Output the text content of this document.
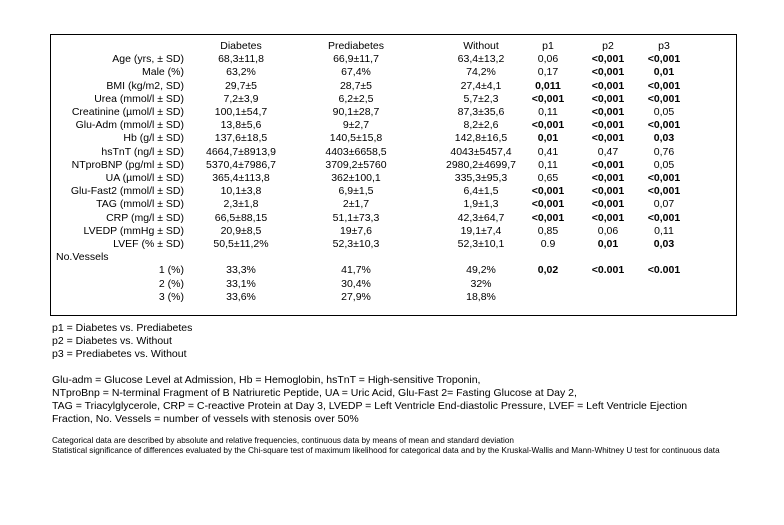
Diabetes	Prediabetes	Without	p1	p2	p3
Age (yrs, ± SD)	68,3±11,8	66,9±11,7	63,4±13,2	0,06	<0,001	<0,001
Male (%)	63,2%	67,4%	74,2%	0,17	<0,001	0,01
BMI (kg/m2, SD)	29,7±5	28,7±5	27,4±4,1	0,011	<0,001	<0,001
Urea (mmol/l ± SD)	7,2±3,9	6,2±2,5	5,7±2,3	<0,001	<0,001	<0,001
Creatinine (µmol/l ± SD)	100,1±54,7	90,1±28,7	87,3±35,6	0,11	<0,001	0,05
Glu-Adm (mmol/l ± SD)	13,8±5,6	9±2,7	8,2±2,6	<0,001	<0,001	<0,001
Hb (g/l ± SD)	137,6±18,5	140,5±15,8	142,8±16,5	0,01	<0,001	0,03
hsTnT (ng/l ± SD)	4664,7±8913,9	4403±6658,5	4043±5457,4	0,41	0,47	0,76
NTproBNP (pg/ml ± SD)	5370,4±7986,7	3709,2±5760	2980,2±4699,7	0,11	<0,001	0,05
UA (µmol/l ± SD)	365,4±113,8	362±100,1	335,3±95,3	0,65	<0,001	<0,001
Glu-Fast2 (mmol/l ± SD)	10,1±3,8	6,9±1,5	6,4±1,5	<0,001	<0,001	<0,001
TAG (mmol/l ± SD)	2,3±1,8	2±1,7	1,9±1,3	<0,001	<0,001	0,07
CRP (mg/l ± SD)	66,5±88,15	51,1±73,3	42,3±64,7	<0,001	<0,001	<0,001
LVEDP (mmHg ± SD)	20,9±8,5	19±7,6	19,1±7,4	0,85	0,06	0,11
LVEF (% ± SD)	50,5±11,2%	52,3±10,3	52,3±10,1	0.9	0,01	0,03
No.Vessels
1 (%)	33,3%	41,7%	49,2%	0,02	<0.001	<0.001
2 (%)	33,1%	30,4%	32%
3 (%)	33,6%	27,9%	18,8%
p1 = Diabetes vs. Prediabetes
p2 = Diabetes vs. Without
p3 = Prediabetes vs. Without
Glu-adm = Glucose Level at Admission, Hb = Hemoglobin, hsTnT = High-sensitive Troponin,
NTproBnp = N-terminal Fragment of B Natriuretic Peptide, UA = Uric Acid, Glu-Fast 2= Fasting Glucose at Day 2,
TAG = Triacylglycerole, CRP = C-reactive Protein at Day 3, LVEDP = Left Ventricle End-diastolic Pressure, LVEF = Left Ventricle Ejection
Fraction, No. Vessels = number of vessels with stenosis over 50%
Categorical data are described by absolute and relative frequencies, continuous data by means of mean and standard deviation
Statistical significance of differences evaluated by the Chi-square test of maximum likelihood for categorical data and by the Kruskal-Wallis and Mann-Whitney U test for continuous data
